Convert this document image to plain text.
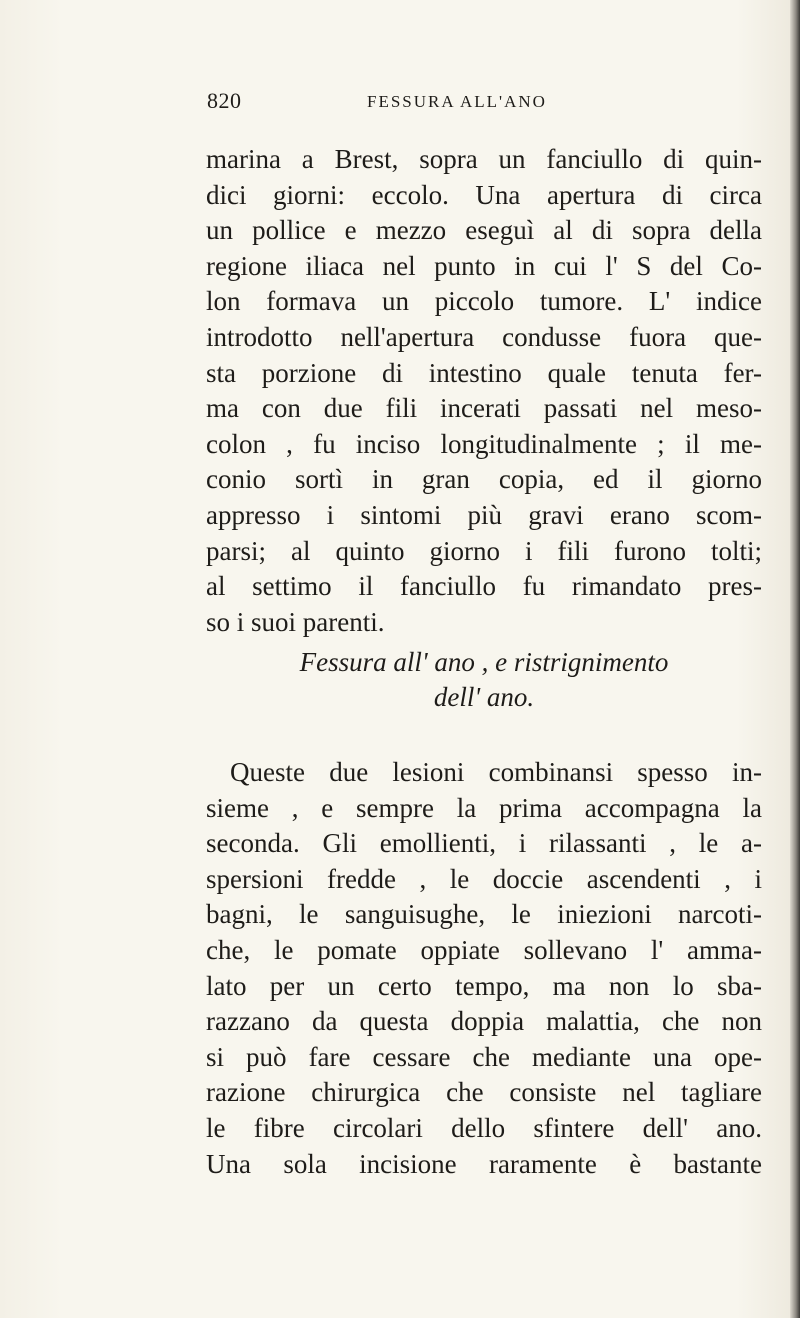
820	FESSURA ALL'ANO
marina a Brest, sopra un fanciullo di quin-
dici giorni: eccolo. Una apertura di circa
un pollice e mezzo eseguì al di sopra della
regione iliaca nel punto in cui l' S del Co-
lon formava un piccolo tumore. L' indice
introdotto nell'apertura condusse fuora que-
sta porzione di intestino quale tenuta fer-
ma con due fili incerati passati nel meso-
colon , fu inciso longitudinalmente ; il me-
conio sortì in gran copia, ed il giorno
appresso i sintomi più gravi erano scom-
parsi; al quinto giorno i fili furono tolti;
al settimo il fanciullo fu rimandato pres-
so i suoi parenti.
Fessura all' ano , e ristrignimento
dell' ano.
Queste due lesioni combinansi spesso in-
sieme , e sempre la prima accompagna la
seconda. Gli emollienti, i rilassanti , le a-
spersioni fredde , le doccie ascendenti , i
bagni, le sanguisughe, le iniezioni narcoti-
che, le pomate oppiate sollevano l' amma-
lato per un certo tempo, ma non lo sba-
razzano da questa doppia malattia, che non
si può fare cessare che mediante una ope-
razione chirurgica che consiste nel tagliare
le fibre circolari dello sfintere dell' ano.
Una sola incisione raramente è bastante
